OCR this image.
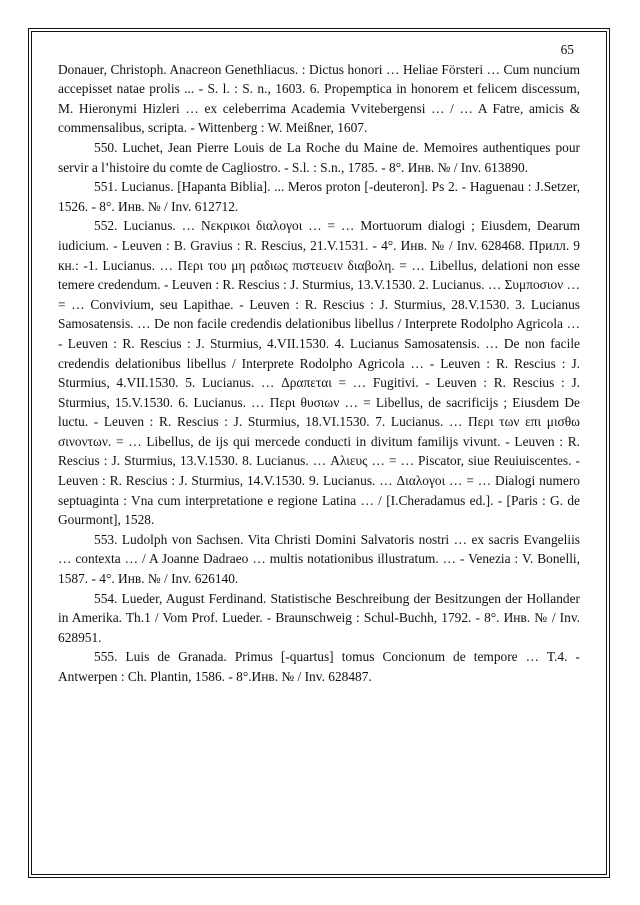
65

Donauer, Christoph. Anacreon Genethliacus. : Dictus honori … Heliae Försteri … Cum nuncium accepisset natae prolis ... - S. l. : S. n., 1603. 6. Propemptica in honorem et felicem discessum, M. Hieronymi Hizleri … ex celeberrima Academia Vvitebergensi … / … A Fatre, amicis & commensalibus, scripta. - Wittenberg : W. Meißner, 1607.

550. Luchet, Jean Pierre Louis de La Roche du Maine de. Memoires authentiques pour servir a l’histoire du comte de Cagliostro. - S.l. : S.n., 1785. - 8°. Инв. № / Inv. 613890.

551. Lucianus. [Hapanta Biblia]. ... Meros proton [-deuteron]. Ps 2. - Haguenau : J.Setzer, 1526. - 8°. Инв. № / Inv. 612712.

552. Lucianus. … Νεκρικοι διαλογοι … = … Mortuorum dialogi ; Eiusdem, Dearum iudicium. - Leuven : B. Gravius : R. Rescius, 21.V.1531. - 4°. Инв. № / Inv. 628468. Прилл. 9 кн.: -1. Lucianus. … Περι του μη ραδιως πιστευειν διαβολη. = … Libellus, delationi non esse temere credendum. - Leuven : R. Rescius : J. Sturmius, 13.V.1530. 2. Lucianus. … Συμποσιον … = … Convivium, seu Lapithae. - Leuven : R. Rescius : J. Sturmius, 28.V.1530. 3. Lucianus Samosatensis. … De non facile credendis delationibus libellus / Interprete Rodolpho Agricola … - Leuven : R. Rescius : J. Sturmius, 4.VII.1530. 4. Lucianus Samosatensis. … De non facile credendis delationibus libellus / Interprete Rodolpho Agricola … - Leuven : R. Rescius : J. Sturmius, 4.VII.1530. 5. Lucianus. … Δραπεται = … Fugitivi. - Leuven : R. Rescius : J. Sturmius, 15.V.1530. 6. Lucianus. … Περι θυσιων … = Libellus, de sacrificijs ; Eiusdem De luctu. - Leuven : R. Rescius : J. Sturmius, 18.VI.1530. 7. Lucianus. … Περι των επι μισθω σινοντων. = … Libellus, de ijs qui mercede conducti in divitum familijs vivunt. - Leuven : R. Rescius : J. Sturmius, 13.V.1530. 8. Lucianus. … Αλιευς … = … Piscator, siue Reuiuiscentes. - Leuven : R. Rescius : J. Sturmius, 14.V.1530. 9. Lucianus. … Διαλογοι … = … Dialogi numero septuaginta : Vna cum interpretatione e regione Latina … / [I.Cheradamus ed.]. - [Paris : G. de Gourmont], 1528.

553. Ludolph von Sachsen. Vita Christi Domini Salvatoris nostri … ex sacris Evangeliis … contexta … / A Joanne Dadraeo … multis notationibus illustratum. … - Venezia : V. Bonelli, 1587. - 4°. Инв. № / Inv. 626140.

554. Lueder, August Ferdinand. Statistische Beschreibung der Besitzungen der Hollander in Amerika. Th.1 / Vom Prof. Lueder. - Braunschweig : Schul-Buchh, 1792. - 8°. Инв. № / Inv. 628951.

555. Luis de Granada. Primus [-quartus] tomus Concionum de tempore … T.4. - Antwerpen : Ch. Plantin, 1586. - 8°.Инв. № / Inv. 628487.
